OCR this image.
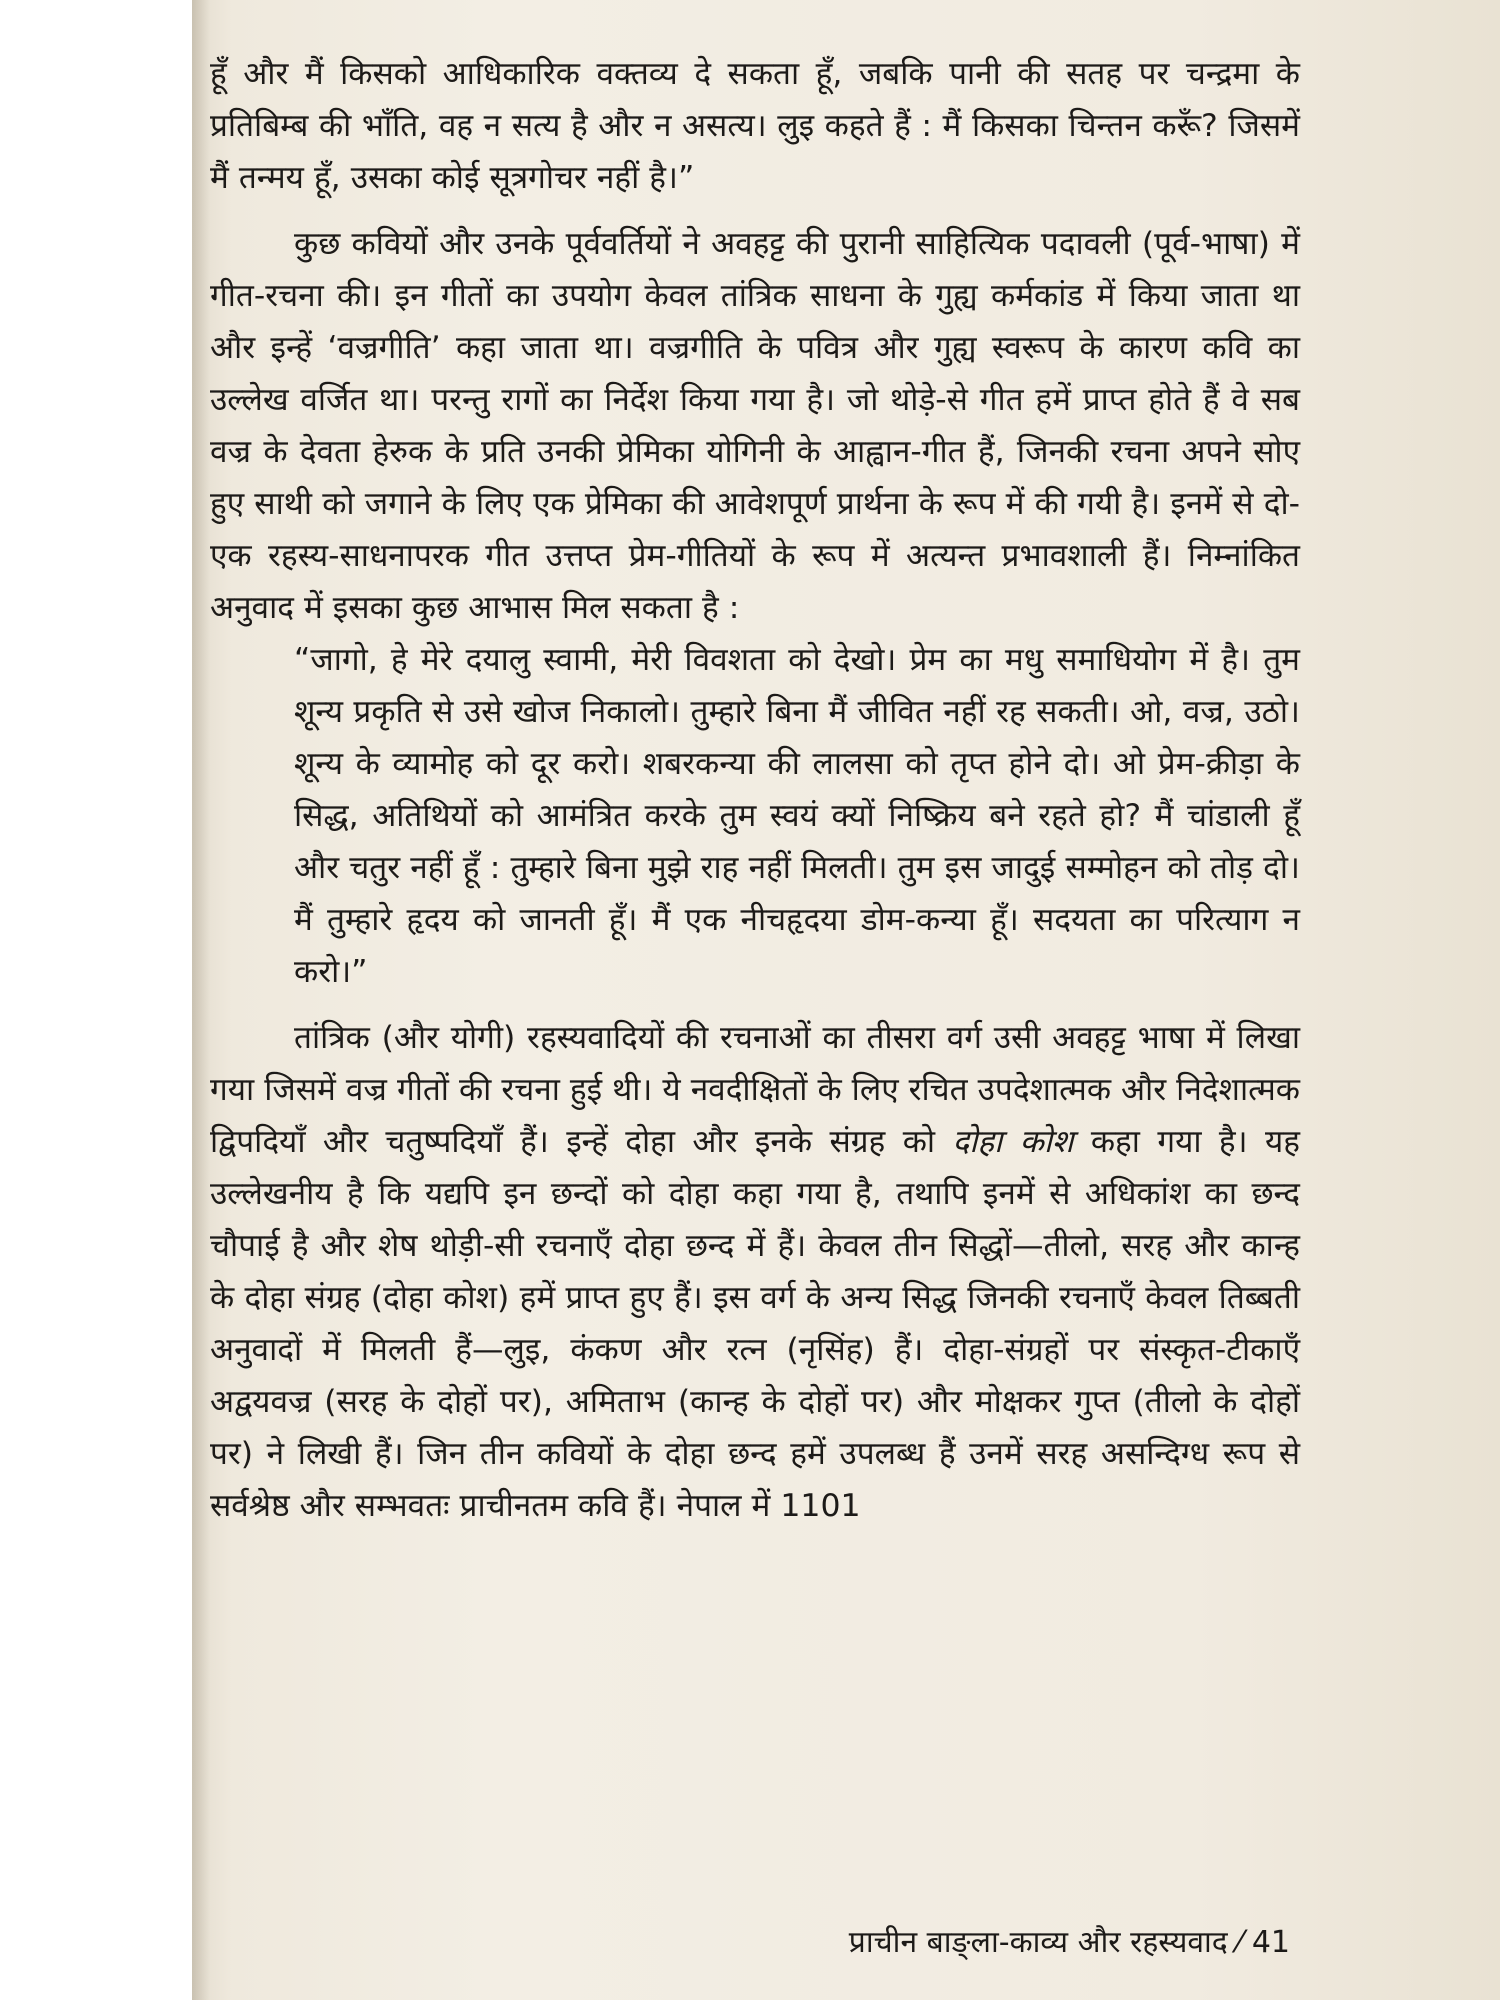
हूँ और मैं किसको आधिकारिक वक्तव्य दे सकता हूँ, जबकि पानी की सतह पर चन्द्रमा के प्रतिबिम्ब की भाँति, वह न सत्य है और न असत्य। लुइ कहते हैं : मैं किसका चिन्तन करूँ? जिसमें मैं तन्मय हूँ, उसका कोई सूत्रगोचर नहीं है।”

कुछ कवियों और उनके पूर्ववर्तियों ने अवहट्ट की पुरानी साहित्यिक पदावली (पूर्व-भाषा) में गीत-रचना की। इन गीतों का उपयोग केवल तांत्रिक साधना के गुह्य कर्मकांड में किया जाता था और इन्हें ‘वज्रगीति’ कहा जाता था। वज्रगीति के पवित्र और गुह्य स्वरूप के कारण कवि का उल्लेख वर्जित था। परन्तु रागों का निर्देश किया गया है। जो थोड़े-से गीत हमें प्राप्त होते हैं वे सब वज्र के देवता हेरुक के प्रति उनकी प्रेमिका योगिनी के आह्वान-गीत हैं, जिनकी रचना अपने सोए हुए साथी को जगाने के लिए एक प्रेमिका की आवेशपूर्ण प्रार्थना के रूप में की गयी है। इनमें से दो-एक रहस्य-साधनापरक गीत उत्तप्त प्रेम-गीतियों के रूप में अत्यन्त प्रभावशाली हैं। निम्नांकित अनुवाद में इसका कुछ आभास मिल सकता है :

“जागो, हे मेरे दयालु स्वामी, मेरी विवशता को देखो। प्रेम का मधु समाधियोग में है। तुम शून्य प्रकृति से उसे खोज निकालो। तुम्हारे बिना मैं जीवित नहीं रह सकती। ओ, वज्र, उठो। शून्य के व्यामोह को दूर करो। शबरकन्या की लालसा को तृप्त होने दो। ओ प्रेम-क्रीड़ा के सिद्ध, अतिथियों को आमंत्रित करके तुम स्वयं क्यों निष्क्रिय बने रहते हो? मैं चांडाली हूँ और चतुर नहीं हूँ : तुम्हारे बिना मुझे राह नहीं मिलती। तुम इस जादुई सम्मोहन को तोड़ दो। मैं तुम्हारे हृदय को जानती हूँ। मैं एक नीचहृदया डोम-कन्या हूँ। सदयता का परित्याग न करो।”

तांत्रिक (और योगी) रहस्यवादियों की रचनाओं का तीसरा वर्ग उसी अवहट्ट भाषा में लिखा गया जिसमें वज्र गीतों की रचना हुई थी। ये नवदीक्षितों के लिए रचित उपदेशात्मक और निदेशात्मक द्विपदियाँ और चतुष्पदियाँ हैं। इन्हें दोहा और इनके संग्रह को दोहा कोश कहा गया है। यह उल्लेखनीय है कि यद्यपि इन छन्दों को दोहा कहा गया है, तथापि इनमें से अधिकांश का छन्द चौपाई है और शेष थोड़ी-सी रचनाएँ दोहा छन्द में हैं। केवल तीन सिद्धों—तीलो, सरह और कान्ह के दोहा संग्रह (दोहा कोश) हमें प्राप्त हुए हैं। इस वर्ग के अन्य सिद्ध जिनकी रचनाएँ केवल तिब्बती अनुवादों में मिलती हैं—लुइ, कंकण और रत्न (नृसिंह) हैं। दोहा-संग्रहों पर संस्कृत-टीकाएँ अद्वयवज्र (सरह के दोहों पर), अमिताभ (कान्ह के दोहों पर) और मोक्षकर गुप्त (तीलो के दोहों पर) ने लिखी हैं। जिन तीन कवियों के दोहा छन्द हमें उपलब्ध हैं उनमें सरह असन्दिग्ध रूप से सर्वश्रेष्ठ और सम्भवतः प्राचीनतम कवि हैं। नेपाल में 1101

प्राचीन बाङ्ला-काव्य और रहस्यवाद ⁄ 41
